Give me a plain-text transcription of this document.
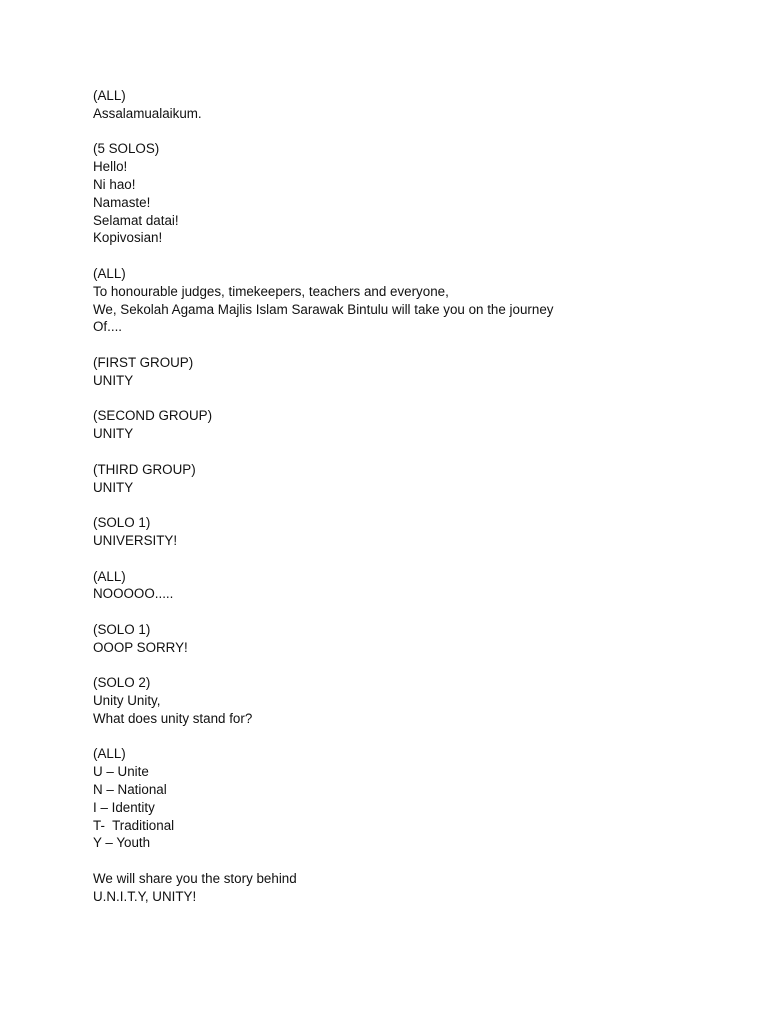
(ALL)
Assalamualaikum.
(5 SOLOS)
Hello!
Ni hao!
Namaste!
Selamat datai!
Kopivosian!
(ALL)
To honourable judges, timekeepers, teachers and everyone,
We, Sekolah Agama Majlis Islam Sarawak Bintulu will take you on the journey
Of....
(FIRST GROUP)
UNITY
(SECOND GROUP)
UNITY
(THIRD GROUP)
UNITY
(SOLO 1)
UNIVERSITY!
(ALL)
NOOOOO.....
(SOLO 1)
OOOP SORRY!
(SOLO 2)
Unity Unity,
What does unity stand for?
(ALL)
U – Unite
N – National
I – Identity
T-  Traditional
Y – Youth
We will share you the story behind
U.N.I.T.Y, UNITY!
